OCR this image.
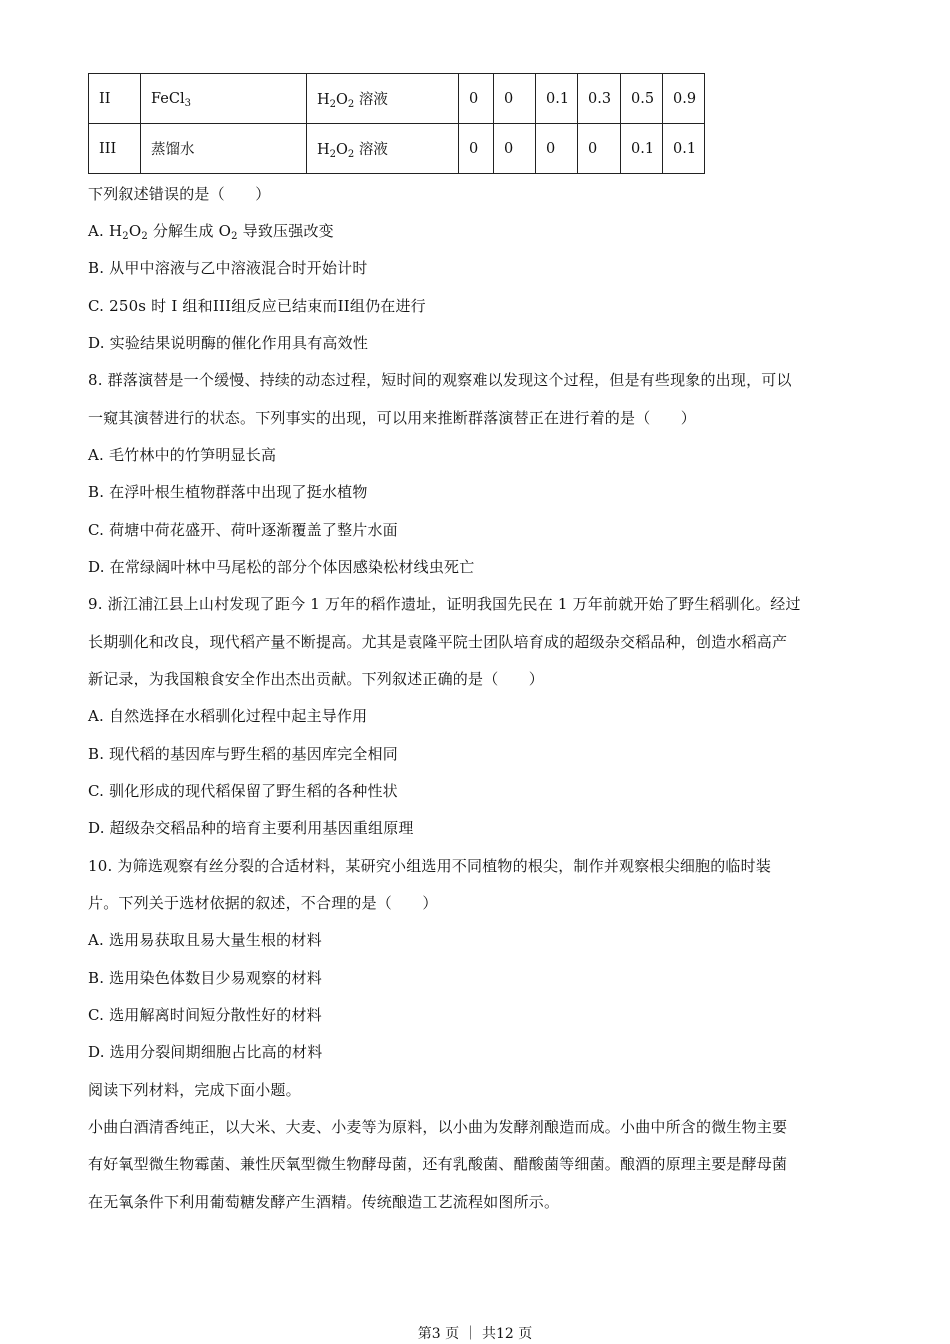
II	FeCl$_3$	$H_2O_2$ 溶液	0	0	0.1	0.3	0.5	0.9
III	蒸馏水	$H_2O_2$ 溶液	0	0	0	0	0.1	0.1
下列叙述错误的是（　　）
A. $H_2O_2$ 分解生成 $O_2$ 导致压强改变
B. 从甲中溶液与乙中溶液混合时开始计时
C. 250s 时 I 组和III组反应已结束而II组仍在进行
D. 实验结果说明酶的催化作用具有高效性
8. 群落演替是一个缓慢、持续的动态过程，短时间的观察难以发现这个过程，但是有些现象的出现，可以
一窥其演替进行的状态。下列事实的出现，可以用来推断群落演替正在进行着的是（　　）
A. 毛竹林中的竹笋明显长高
B. 在浮叶根生植物群落中出现了挺水植物
C. 荷塘中荷花盛开、荷叶逐渐覆盖了整片水面
D. 在常绿阔叶林中马尾松的部分个体因感染松材线虫死亡
9. 浙江浦江县上山村发现了距今 1 万年的稻作遗址，证明我国先民在 1 万年前就开始了野生稻驯化。经过
长期驯化和改良，现代稻产量不断提高。尤其是袁隆平院士团队培育成的超级杂交稻品种，创造水稻高产
新记录，为我国粮食安全作出杰出贡献。下列叙述正确的是（　　）
A. 自然选择在水稻驯化过程中起主导作用
B. 现代稻的基因库与野生稻的基因库完全相同
C. 驯化形成的现代稻保留了野生稻的各种性状
D. 超级杂交稻品种的培育主要利用基因重组原理
10. 为筛选观察有丝分裂的合适材料，某研究小组选用不同植物的根尖，制作并观察根尖细胞的临时装
片。下列关于选材依据的叙述，不合理的是（　　）
A. 选用易获取且易大量生根的材料
B. 选用染色体数目少易观察的材料
C. 选用解离时间短分散性好的材料
D. 选用分裂间期细胞占比高的材料
阅读下列材料，完成下面小题。
小曲白酒清香纯正，以大米、大麦、小麦等为原料，以小曲为发酵剂酿造而成。小曲中所含的微生物主要
有好氧型微生物霉菌、兼性厌氧型微生物酵母菌，还有乳酸菌、醋酸菌等细菌。酿酒的原理主要是酵母菌
在无氧条件下利用葡萄糖发酵产生酒精。传统酿造工艺流程如图所示。
第3 页 ｜ 共12 页
